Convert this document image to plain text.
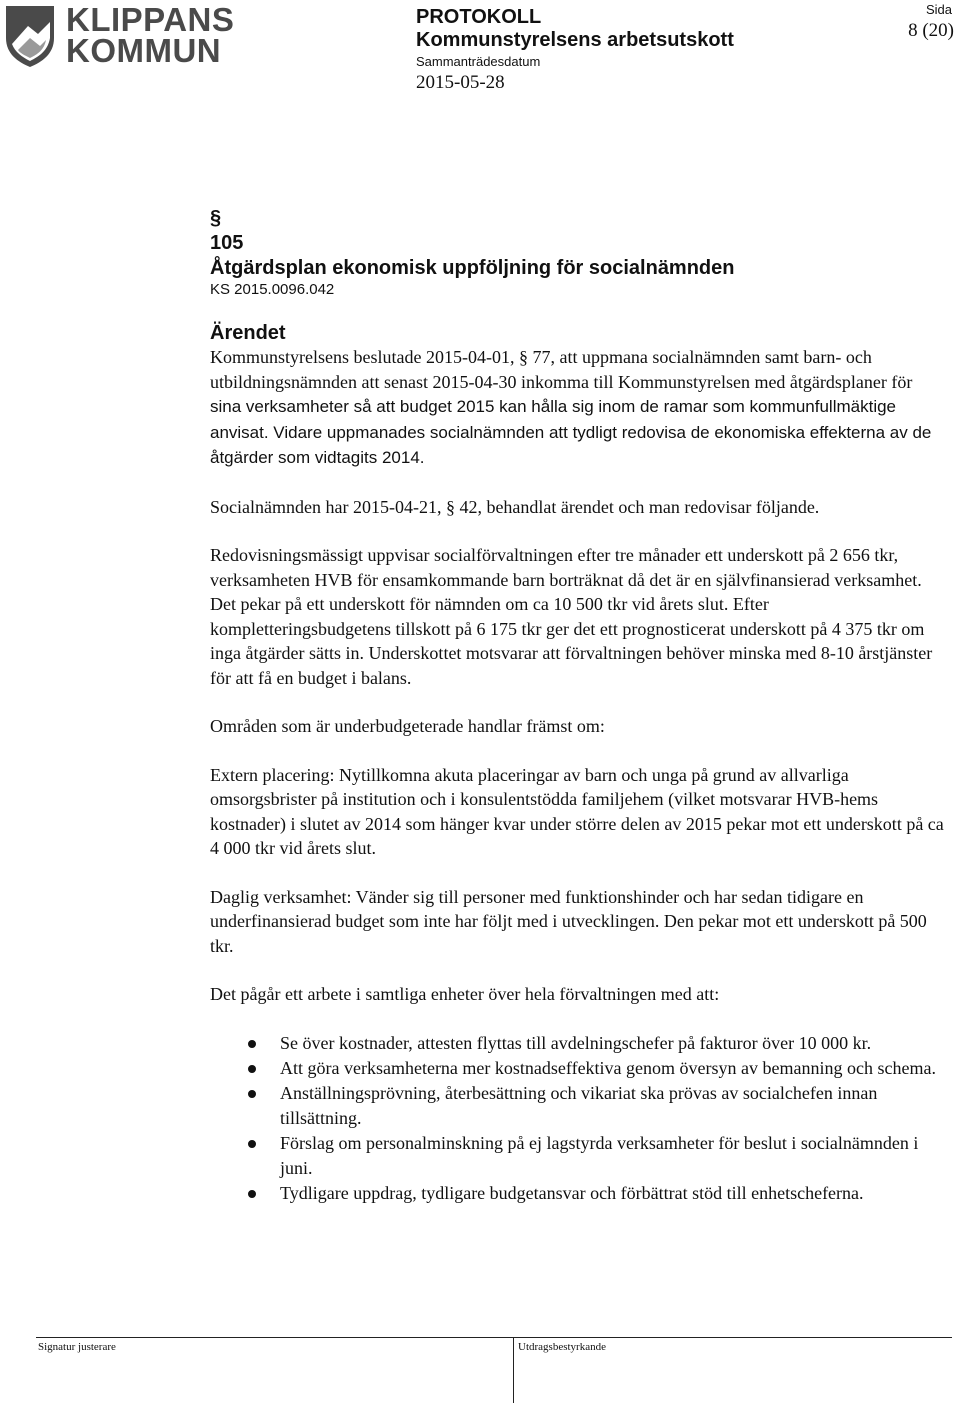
KLIPPANS
KOMMUN
PROTOKOLL
Kommunstyrelsens arbetsutskott
Sammanträdesdatum
2015-05-28
Sida
8 (20)
§
105
Åtgärdsplan ekonomisk uppföljning för socialnämnden
KS 2015.0096.042
Ärendet
Kommunstyrelsens beslutade 2015-04-01, § 77, att uppmana socialnämnden samt barn- och utbildningsnämnden att senast 2015-04-30 inkomma till Kommunstyrelsen med åtgärdsplaner för sina verksamheter så att budget 2015 kan hålla sig inom de ramar som kommunfullmäktige anvisat. Vidare uppmanades socialnämnden att tydligt redovisa de ekonomiska effekterna av de åtgärder som vidtagits 2014.

Socialnämnden har 2015-04-21, § 42, behandlat ärendet och man redovisar följande.

Redovisningsmässigt uppvisar socialförvaltningen efter tre månader ett underskott på 2 656 tkr, verksamheten HVB för ensamkommande barn borträknat då det är en självfinansierad verksamhet. Det pekar på ett underskott för nämnden om ca 10 500 tkr vid årets slut. Efter kompletteringsbudgetens tillskott på 6 175 tkr ger det ett prognosticerat underskott på 4 375 tkr om inga åtgärder sätts in. Underskottet motsvarar att förvaltningen behöver minska med 8-10 årstjänster för att få en budget i balans.

Områden som är underbudgeterade handlar främst om:

Extern placering: Nytillkomna akuta placeringar av barn och unga på grund av allvarliga omsorgsbrister på institution och i konsulentstödda familjehem (vilket motsvarar HVB-hems kostnader) i slutet av 2014 som hänger kvar under större delen av 2015 pekar mot ett underskott på ca 4 000 tkr vid årets slut.

Daglig verksamhet: Vänder sig till personer med funktionshinder och har sedan tidigare en underfinansierad budget som inte har följt med i utvecklingen. Den pekar mot ett underskott på 500 tkr.

Det pågår ett arbete i samtliga enheter över hela förvaltningen med att:

Se över kostnader, attesten flyttas till avdelningschefer på fakturor över 10 000 kr.
Att göra verksamheterna mer kostnadseffektiva genom översyn av bemanning och schema.
Anställningsprövning, återbesättning och vikariat ska prövas av socialchefen innan tillsättning.
Förslag om personalminskning på ej lagstyrda verksamheter för beslut i socialnämnden i juni.
Tydligare uppdrag, tydligare budgetansvar och förbättrat stöd till enhetscheferna.
Signatur justerare	Utdragsbestyrkande
